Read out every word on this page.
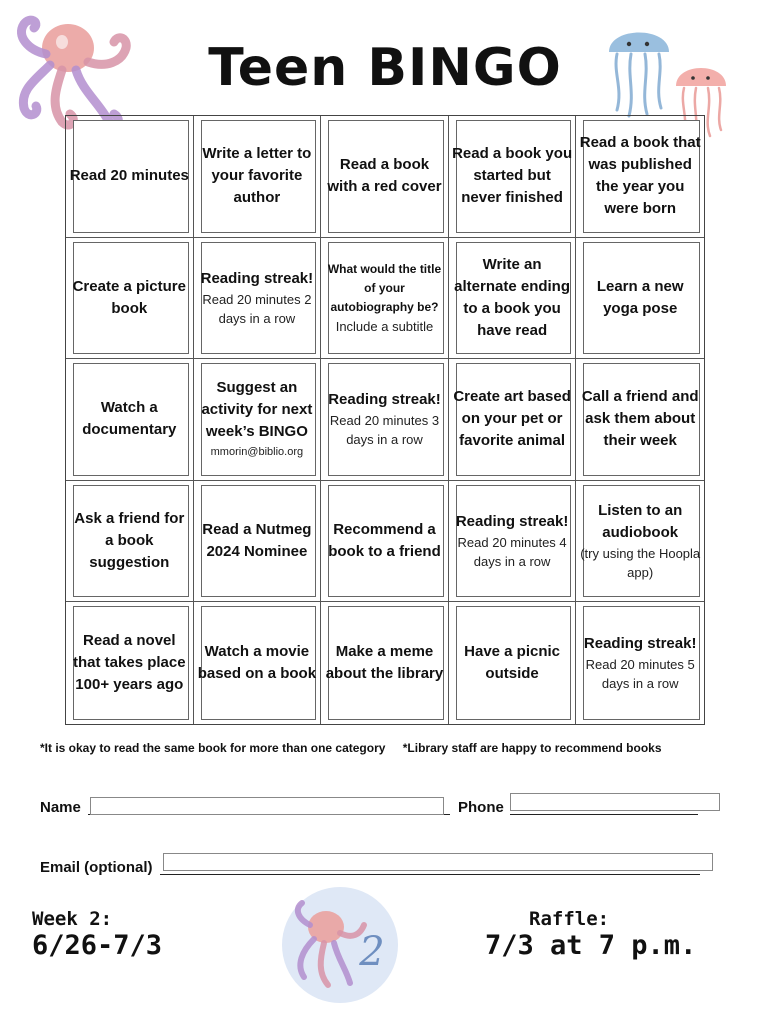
Teen BINGO
Read 20 minutes
Write a letter to your favorite author
Read a book with a red cover
Read a book you started but never finished
Read a book that was published the year you were born
Create a picture book
Reading streak!
Read 20 minutes 2 days in a row
What would the title of your autobiography be?
Include a subtitle
Write an alternate ending to a book you have read
Learn a new yoga pose
Watch a documentary
Suggest an activity for next week’s BINGO
mmorin@biblio.org
Reading streak!
Read 20 minutes 3 days in a row
Create art based on your pet or favorite animal
Call a friend and ask them about their week
Ask a friend for a book suggestion
Read a Nutmeg 2024 Nominee
Recommend a book to a friend
Reading streak!
Read 20 minutes 4 days in a row
Listen to an audiobook
(try using the Hoopla app)
Read a novel that takes place 100+ years ago
Watch a movie based on a book
Make a meme about the library
Have a picnic outside
Reading streak!
Read 20 minutes 5 days in a row
*It is okay to read the same book for more than one category *Library staff are happy to recommend books
Name	Phone
Email (optional)
Week 2:
6/26-7/3	2
Raffle:
7/3 at 7 p.m.
